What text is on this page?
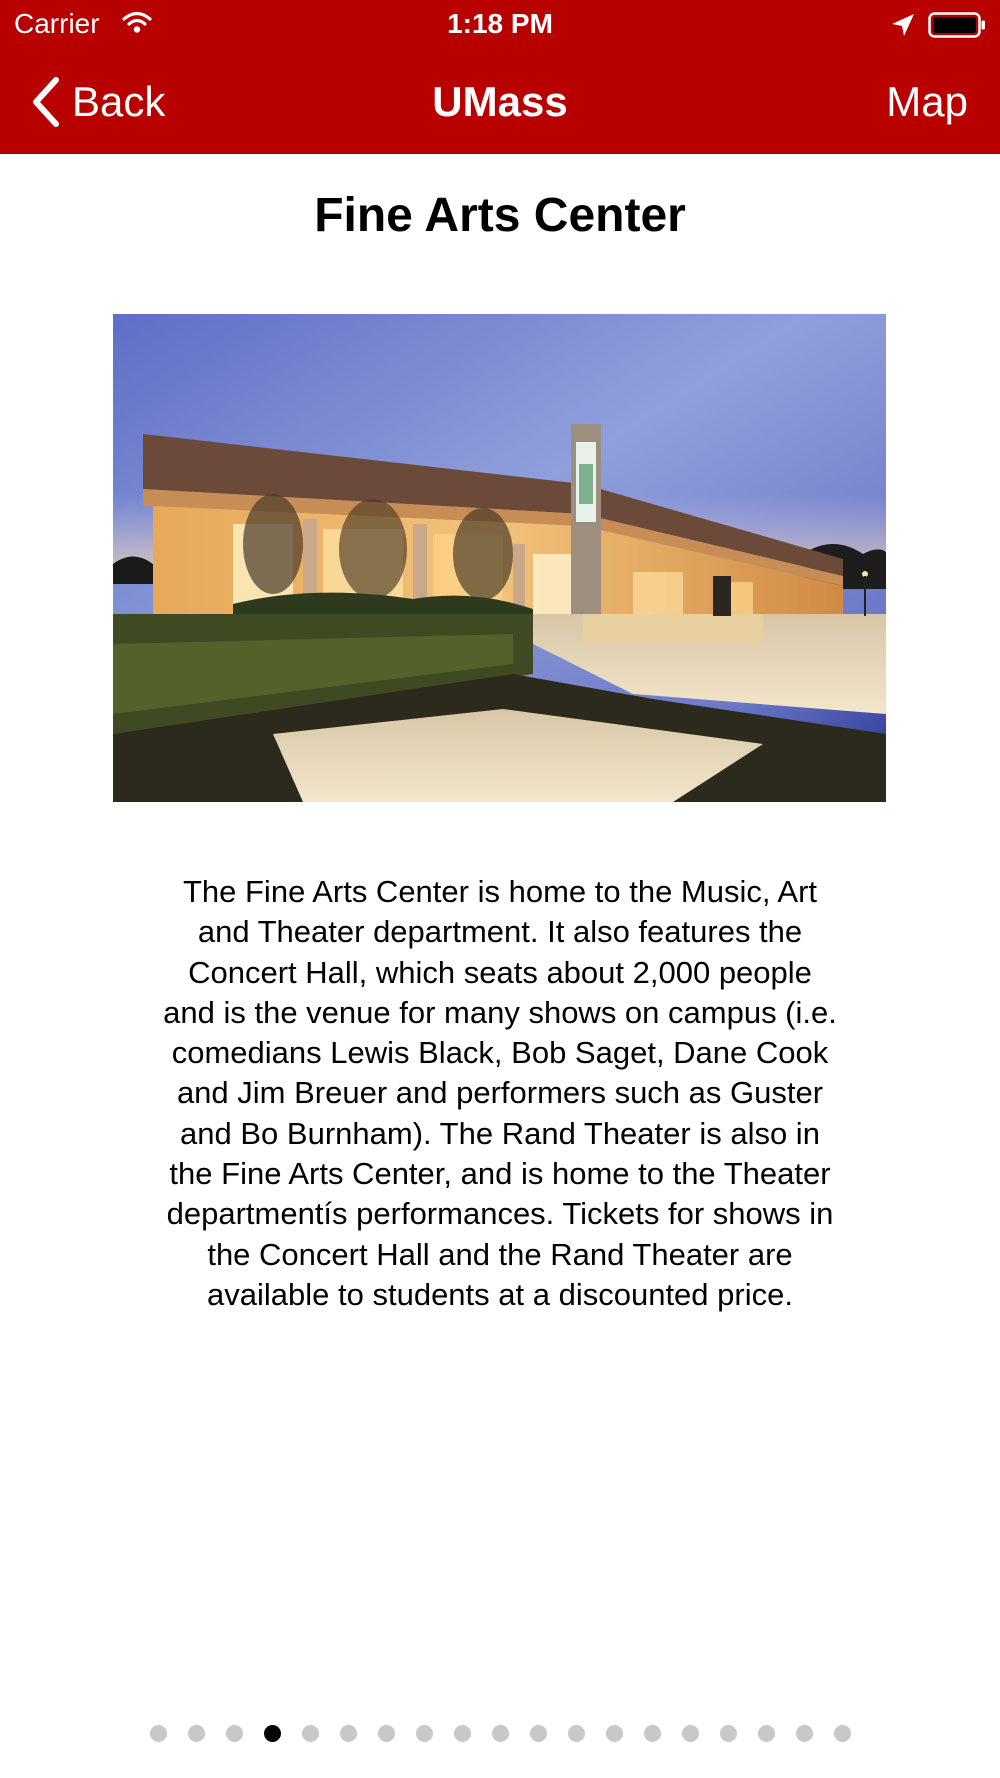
Carrier	1:18 PM
Back	UMass	Map
Fine Arts Center
The Fine Arts Center is home to the Music, Art
and Theater department. It also features the
Concert Hall, which seats about 2,000 people
and is the venue for many shows on campus (i.e.
comedians Lewis Black, Bob Saget, Dane Cook
and Jim Breuer and performers such as Guster
and Bo Burnham). The Rand Theater is also in
the Fine Arts Center, and is home to the Theater
departmentís performances. Tickets for shows in
the Concert Hall and the Rand Theater are
available to students at a discounted price.
